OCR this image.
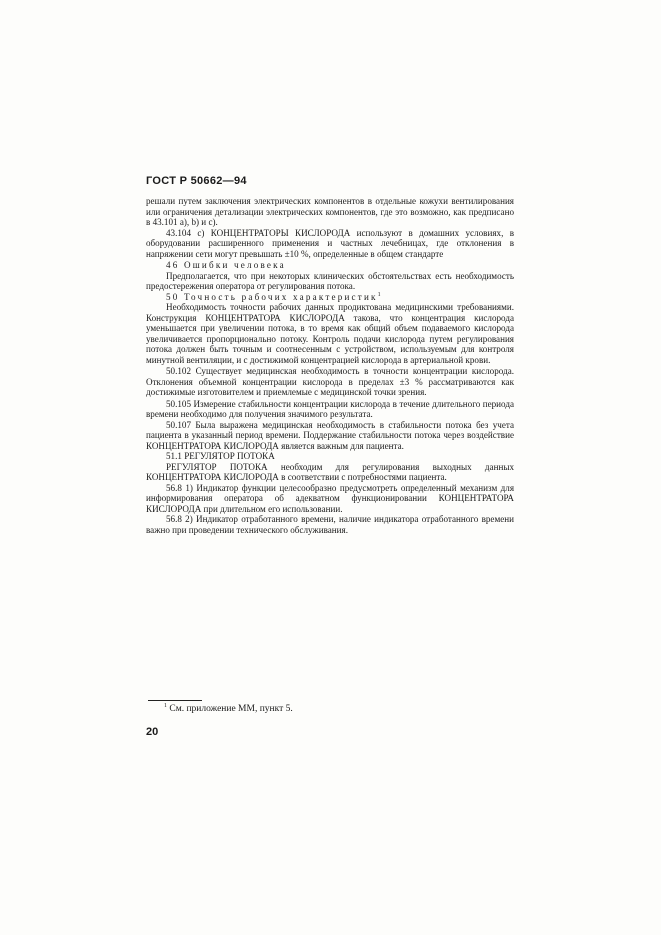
ГОСТ Р 50662—94

решали путем заключения электрических компонентов в отдельные кожухи вентилирования или ограничения детализации электрических компонентов, где это возможно, как предписано в 43.101 а), b) и с).

43.104 с) КОНЦЕНТРАТОРЫ КИСЛОРОДА используют в домашних условиях, в оборудовании расширенного применения и частных лечебницах, где отклонения в напряжении сети могут превышать ±10 %, определенные в общем стандарте

46 Ошибки человека

Предполагается, что при некоторых клинических обстоятельствах есть необходимость предостережения оператора от регулирования потока.

50 Точность рабочих характеристик$^1$

Необходимость точности рабочих данных продиктована медицинскими требованиями. Конструкция КОНЦЕНТРАТОРА КИСЛОРОДА такова, что концентрация кислорода уменьшается при увеличении потока, в то время как общий объем подаваемого кислорода увеличивается пропорционально потоку. Контроль подачи кислорода путем регулирования потока должен быть точным и соотнесенным с устройством, используемым для контроля минутной вентиляции, и с достижимой концентрацией кислорода в артериальной крови.

50.102 Существует медицинская необходимость в точности концентрации кислорода. Отклонения объемной концентрации кислорода в пределах ±3 % рассматриваются как достижимые изготовителем и приемлемые с медицинской точки зрения.

50.105 Измерение стабильности концентрации кислорода в течение длительного периода времени необходимо для получения значимого результата.

50.107 Была выражена медицинская необходимость в стабильности потока без учета пациента в указанный период времени. Поддержание стабильности потока через воздействие КОНЦЕНТРАТОРА КИСЛОРОДА является важным для пациента.

51.1 РЕГУЛЯТОР ПОТОКА

РЕГУЛЯТОР ПОТОКА необходим для регулирования выходных данных КОНЦЕНТРАТОРА КИСЛОРОДА в соответствии с потребностями пациента.

56.8 1) Индикатор функции целесообразно предусмотреть определенный механизм для информирования оператора об адекватном функционировании КОНЦЕНТРАТОРА КИСЛОРОДА при длительном его использовании.

56.8 2) Индикатор отработанного времени, наличие индикатора отработанного времени важно при проведении технического обслуживания.

$^1$ См. приложение ММ, пункт 5.
20
